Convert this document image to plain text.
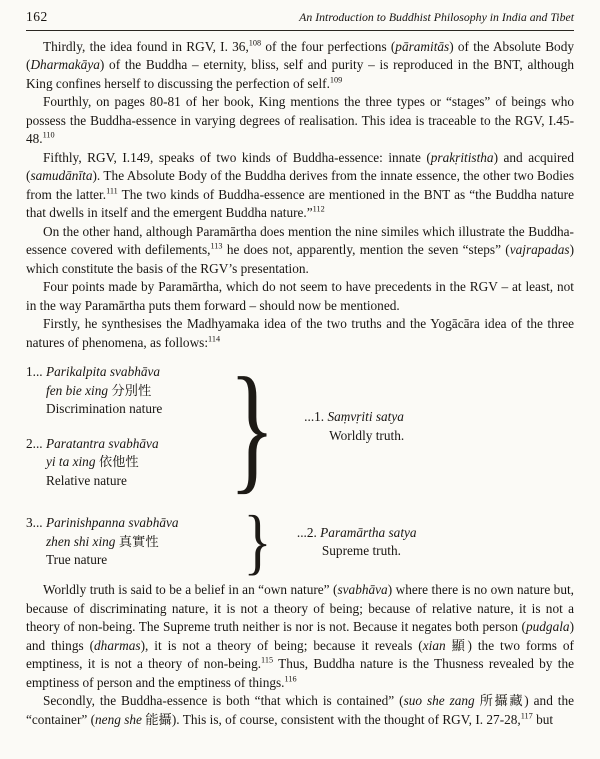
162	An Introduction to Buddhist Philosophy in India and Tibet

Thirdly, the idea found in RGV, I. 36,$^{108}$ of the four perfections (pāramitās) of the Absolute Body (Dharmakāya) of the Buddha – eternity, bliss, self and purity – is reproduced in the BNT, although King confines herself to discussing the perfection of self.$^{109}$

Fourthly, on pages 80-81 of her book, King mentions the three types or “stages” of beings who possess the Buddha-essence in varying degrees of realisation. This idea is traceable to the RGV, I.45-48.$^{110}$

Fifthly, RGV, I.149, speaks of two kinds of Buddha-essence: innate (prakṛitistha) and acquired (samudānīta). The Absolute Body of the Buddha derives from the innate essence, the other two Bodies from the latter.$^{111}$ The two kinds of Buddha-essence are mentioned in the BNT as “the Buddha nature that dwells in itself and the emergent Buddha nature.”$^{112}$

On the other hand, although Paramārtha does mention the nine similes which illustrate the Buddha-essence covered with defilements,$^{113}$ he does not, apparently, mention the seven “steps” (vajrapadas) which constitute the basis of the RGV’s presentation.

Four points made by Paramārtha, which do not seem to have precedents in the RGV – at least, not in the way Paramārtha puts them forward – should now be mentioned.

Firstly, he synthesises the Madhyamaka idea of the two truths and the Yogācāra idea of the three natures of phenomena, as follows:$^{114}$

1... Parikalpita svabhāva
fen bie xing 分別性
Discrimination nature
2... Paratantra svabhāva
yi ta xing 依他性
Relative nature	} ...1. Saṃvṛiti satya
Worldly truth.
3... Parinishpanna svabhāva
zhen shi xing 真實性
True nature	} ...2. Paramārtha satya
Supreme truth.

Worldly truth is said to be a belief in an “own nature” (svabhāva) where there is no own nature but, because of discriminating nature, it is not a theory of being; because of relative nature, it is not a theory of non-being. The Supreme truth neither is nor is not. Because it negates both person (pudgala) and things (dharmas), it is not a theory of being; because it reveals (xian 顯) the two forms of emptiness, it is not a theory of non-being.$^{115}$ Thus, Buddha nature is the Thusness revealed by the emptiness of person and the emptiness of things.$^{116}$

Secondly, the Buddha-essence is both “that which is contained” (suo she zang 所攝藏) and the “container” (neng she 能攝). This is, of course, consistent with the thought of RGV, I. 27-28,$^{117}$ but
